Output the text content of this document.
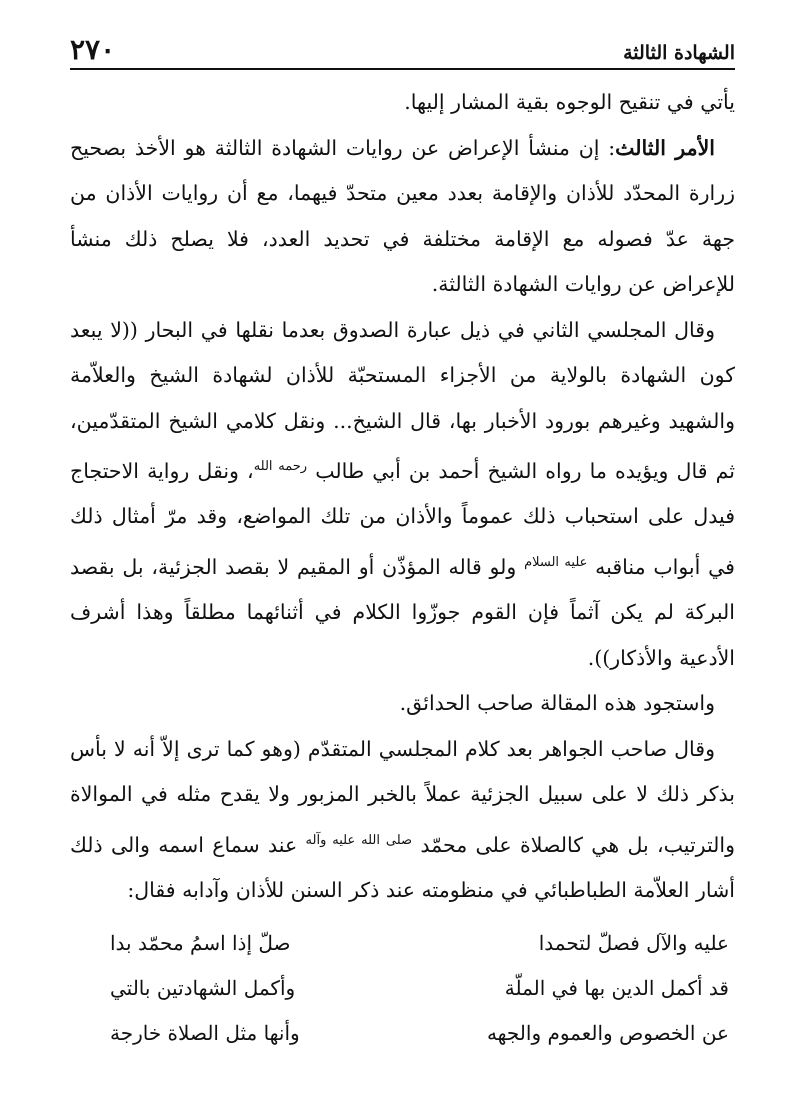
الشهادة الثالثة
٢٧٠

يأتي في تنقيح الوجوه بقية المشار إليها.

الأمر الثالث: إن منشأ الإعراض عن روايات الشهادة الثالثة هو الأخذ بصحيح زرارة المحدّد للأذان والإقامة بعدد معين متحدّ فيهما، مع أن روايات الأذان من جهة عدّ فصوله مع الإقامة مختلفة في تحديد العدد، فلا يصلح ذلك منشأ للإعراض عن روايات الشهادة الثالثة.

وقال المجلسي الثاني في ذيل عبارة الصدوق بعدما نقلها في البحار ((لا يبعد كون الشهادة بالولاية من الأجزاء المستحبّة للأذان لشهادة الشيخ والعلاّمة والشهيد وغيرهم بورود الأخبار بها، قال الشيخ... ونقل كلامي الشيخ المتقدّمين، ثم قال ويؤيده ما رواه الشيخ أحمد بن أبي طالب $^{رحمه الله}$، ونقل رواية الاحتجاج فيدل على استحباب ذلك عموماً والأذان من تلك المواضع، وقد مرّ أمثال ذلك في أبواب مناقبه $^{عليه السلام}$ ولو قاله المؤذّن أو المقيم لا بقصد الجزئية، بل بقصد البركة لم يكن آثماً فإن القوم جوزّوا الكلام في أثنائهما مطلقاً وهذا أشرف الأدعية والأذكار)).

واستجود هذه المقالة صاحب الحدائق.

وقال صاحب الجواهر بعد كلام المجلسي المتقدّم (وهو كما ترى إلاّ أنه لا بأس بذكر ذلك لا على سبيل الجزئية عملاً بالخبر المزبور ولا يقدح مثله في الموالاة والترتيب، بل هي كالصلاة على محمّد $^{صلى الله عليه وآله}$ عند سماع اسمه والى ذلك أشار العلاّمة الطباطبائي في منظومته عند ذكر السنن للأذان وآدابه فقال:

عليه والآل فصلّ لتحمدا
صلّ إذا اسمُ محمّد بدا
قد أكمل الدين بها في الملّة
وأكمل الشهادتين بالتي
عن الخصوص والعموم والجهه
وأنها مثل الصلاة خارجة
